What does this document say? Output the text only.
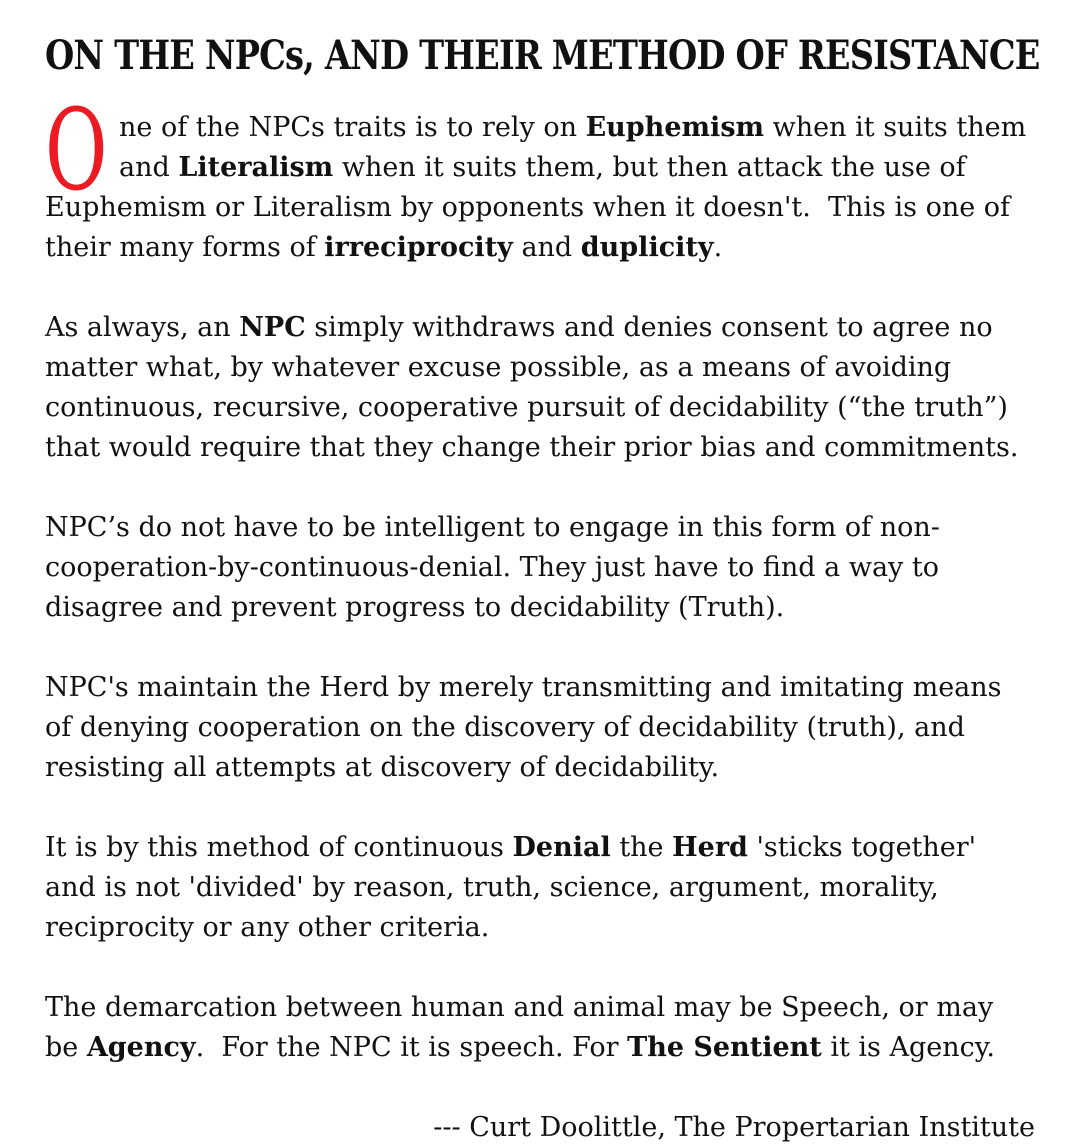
ON THE NPCs, AND THEIR METHOD OF RESISTANCE

O ne of the NPCs traits is to rely on Euphemism when it suits them and Literalism when it suits them, but then attack the use of Euphemism or Literalism by opponents when it doesn't.  This is one of their many forms of irreciprocity and duplicity.

As always, an NPC simply withdraws and denies consent to agree no matter what, by whatever excuse possible, as a means of avoiding continuous, recursive, cooperative pursuit of decidability (“the truth”) that would require that they change their prior bias and commitments.

NPC’s do not have to be intelligent to engage in this form of non-cooperation-by-continuous-denial. They just have to find a way to disagree and prevent progress to decidability (Truth).

NPC's maintain the Herd by merely transmitting and imitating means of denying cooperation on the discovery of decidability (truth), and resisting all attempts at discovery of decidability.

It is by this method of continuous Denial the Herd 'sticks together' and is not 'divided' by reason, truth, science, argument, morality, reciprocity or any other criteria.

The demarcation between human and animal may be Speech, or may be Agency.  For the NPC it is speech. For The Sentient it is Agency.

--- Curt Doolittle, The Propertarian Institute
